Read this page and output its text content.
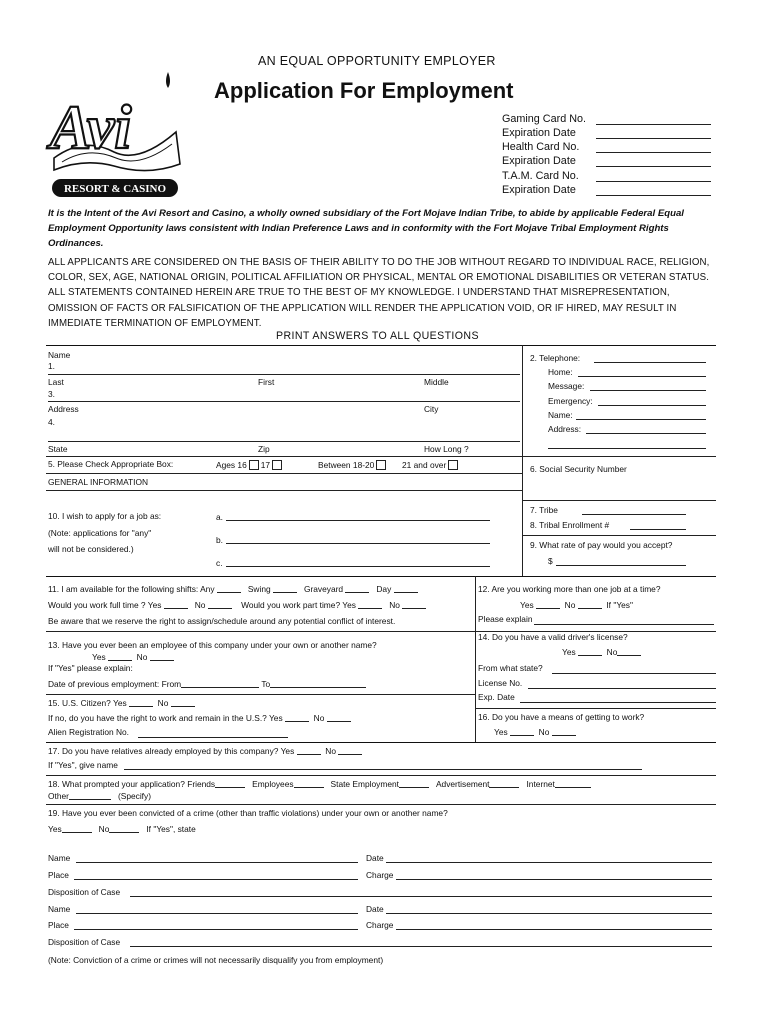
Avi
RESORT & CASINO
AN EQUAL OPPORTUNITY EMPLOYER
Application For Employment
Gaming Card No.
Expiration Date
Health Card No.
Expiration Date
T.A.M. Card No.
Expiration Date
It is the Intent of the Avi Resort and Casino, a wholly owned subsidiary of the Fort Mojave Indian Tribe, to abide by applicable Federal Equal Employment Opportunity laws consistent with Indian Preference Laws and in conformity with the Fort Mojave Tribal Employment Rights Ordinances.
ALL APPLICANTS ARE CONSIDERED ON THE BASIS OF THEIR ABILITY TO DO THE JOB WITHOUT REGARD TO INDIVIDUAL RACE, RELIGION, COLOR, SEX, AGE, NATIONAL ORIGIN, POLITICAL AFFILIATION OR PHYSICAL, MENTAL OR EMOTIONAL DISABILITIES OR VETERAN STATUS. ALL STATEMENTS CONTAINED HEREIN ARE TRUE TO THE BEST OF MY KNOWLEDGE. I UNDERSTAND THAT MISREPRESENTATION, OMISSION OF FACTS OR FALSIFICATION OF THE APPLICATION WILL RENDER THE APPLICATION VOID, OR IF HIRED, MAY RESULT IN IMMEDIATE TERMINATION OF EMPLOYMENT.
PRINT ANSWERS TO ALL QUESTIONS
Name
1.
Last	First	Middle
3.
Address	City
4.
State	Zip	How Long ?
5. Please Check Appropriate Box:	Ages 16 17	Between 18-20	21 and over
GENERAL INFORMATION
10. I wish to apply for a job as:
(Note: applications for "any"
will not be considered.)
a.
b.
c.
2. Telephone:
Home:
Message:
Emergency:
Name:
Address:
6. Social Security Number
7. Tribe
8. Tribal Enrollment #
9. What rate of pay would you accept?
$
11. I am available for the following shifts: Any	Swing	Graveyard	Day
Would you work full time ? Yes	No	Would you work part time? Yes	No
Be aware that we reserve the right to assign/schedule around any potential conflict of interest.
12. Are you working more than one job at a time?
Yes	No	If "Yes"
Please explain
13. Have you ever been an employee of this company under your own or another name?
Yes	No
If "Yes" please explain:
Date of previous employment: From	To
14. Do you have a valid driver's license?
Yes	No
From what state?
License No.
Exp. Date
15. U.S. Citizen? Yes	No
If no, do you have the right to work and remain in the U.S.? Yes	No
Alien Registration No.
16. Do you have a means of getting to work?
Yes	No
17. Do you have relatives already employed by this company? Yes	No
If "Yes", give name
18. What prompted your application? Friends	Employees	State Employment	Advertisement	Internet
Other	(Specify)
19. Have you ever been convicted of a crime (other than traffic violations) under your own or another name?
Yes	No	If "Yes", state
Name	Date
Place	Charge
Disposition of Case
Name	Date
Place	Charge
Disposition of Case
(Note: Conviction of a crime or crimes will not necessarily disqualify you from employment)
